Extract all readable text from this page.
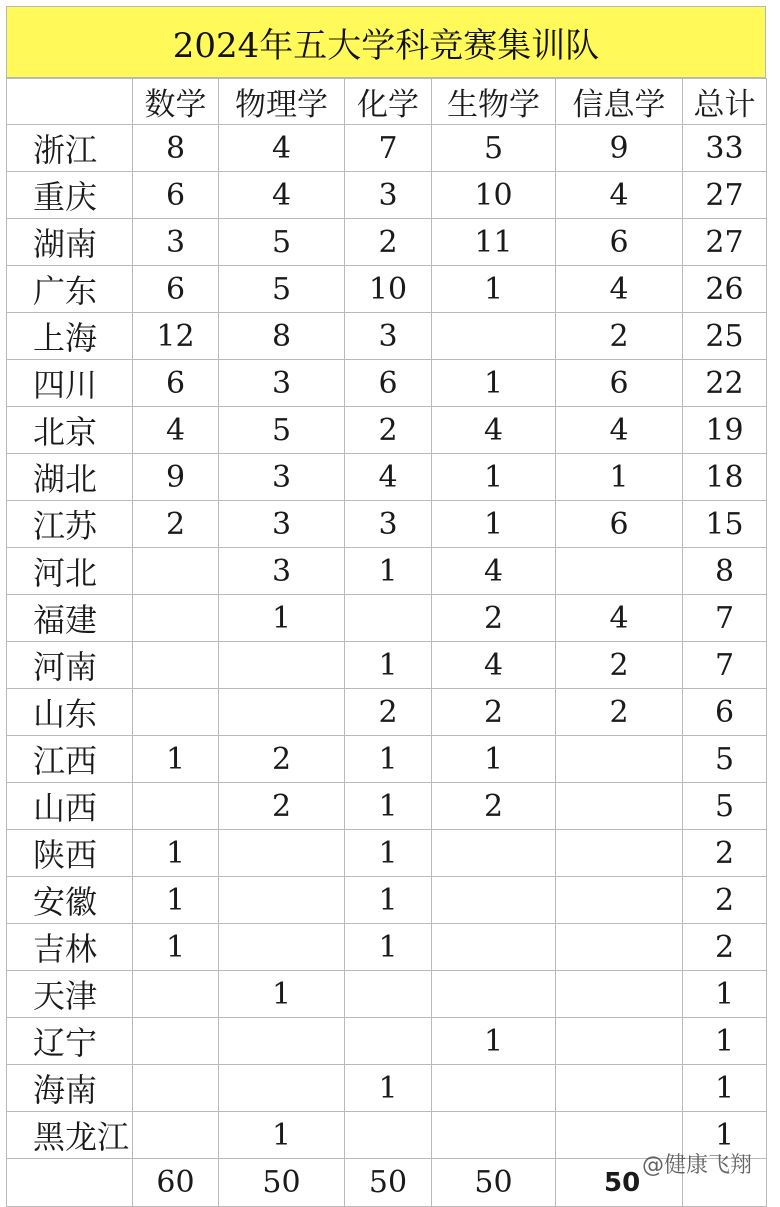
2024年五大学科竞赛集训队
	数学	物理学	化学	生物学	信息学	总计
浙江	8	4	7	5	9	33
重庆	6	4	3	10	4	27
湖南	3	5	2	11	6	27
广东	6	5	10	1	4	26
上海	12	8	3		2	25
四川	6	3	6	1	6	22
北京	4	5	2	4	4	19
湖北	9	3	4	1	1	18
江苏	2	3	3	1	6	15
河北		3	1	4		8
福建		1		2	4	7
河南			1	4	2	7
山东			2	2	2	6
江西	1	2	1	1		5
山西		2	1	2		5
陕西	1		1			2
安徽	1		1			2
吉林	1		1			2
天津		1				1
辽宁				1		1
海南			1			1
黑龙江		1				1
	60	50	50	50	50	
@健康飞翔
